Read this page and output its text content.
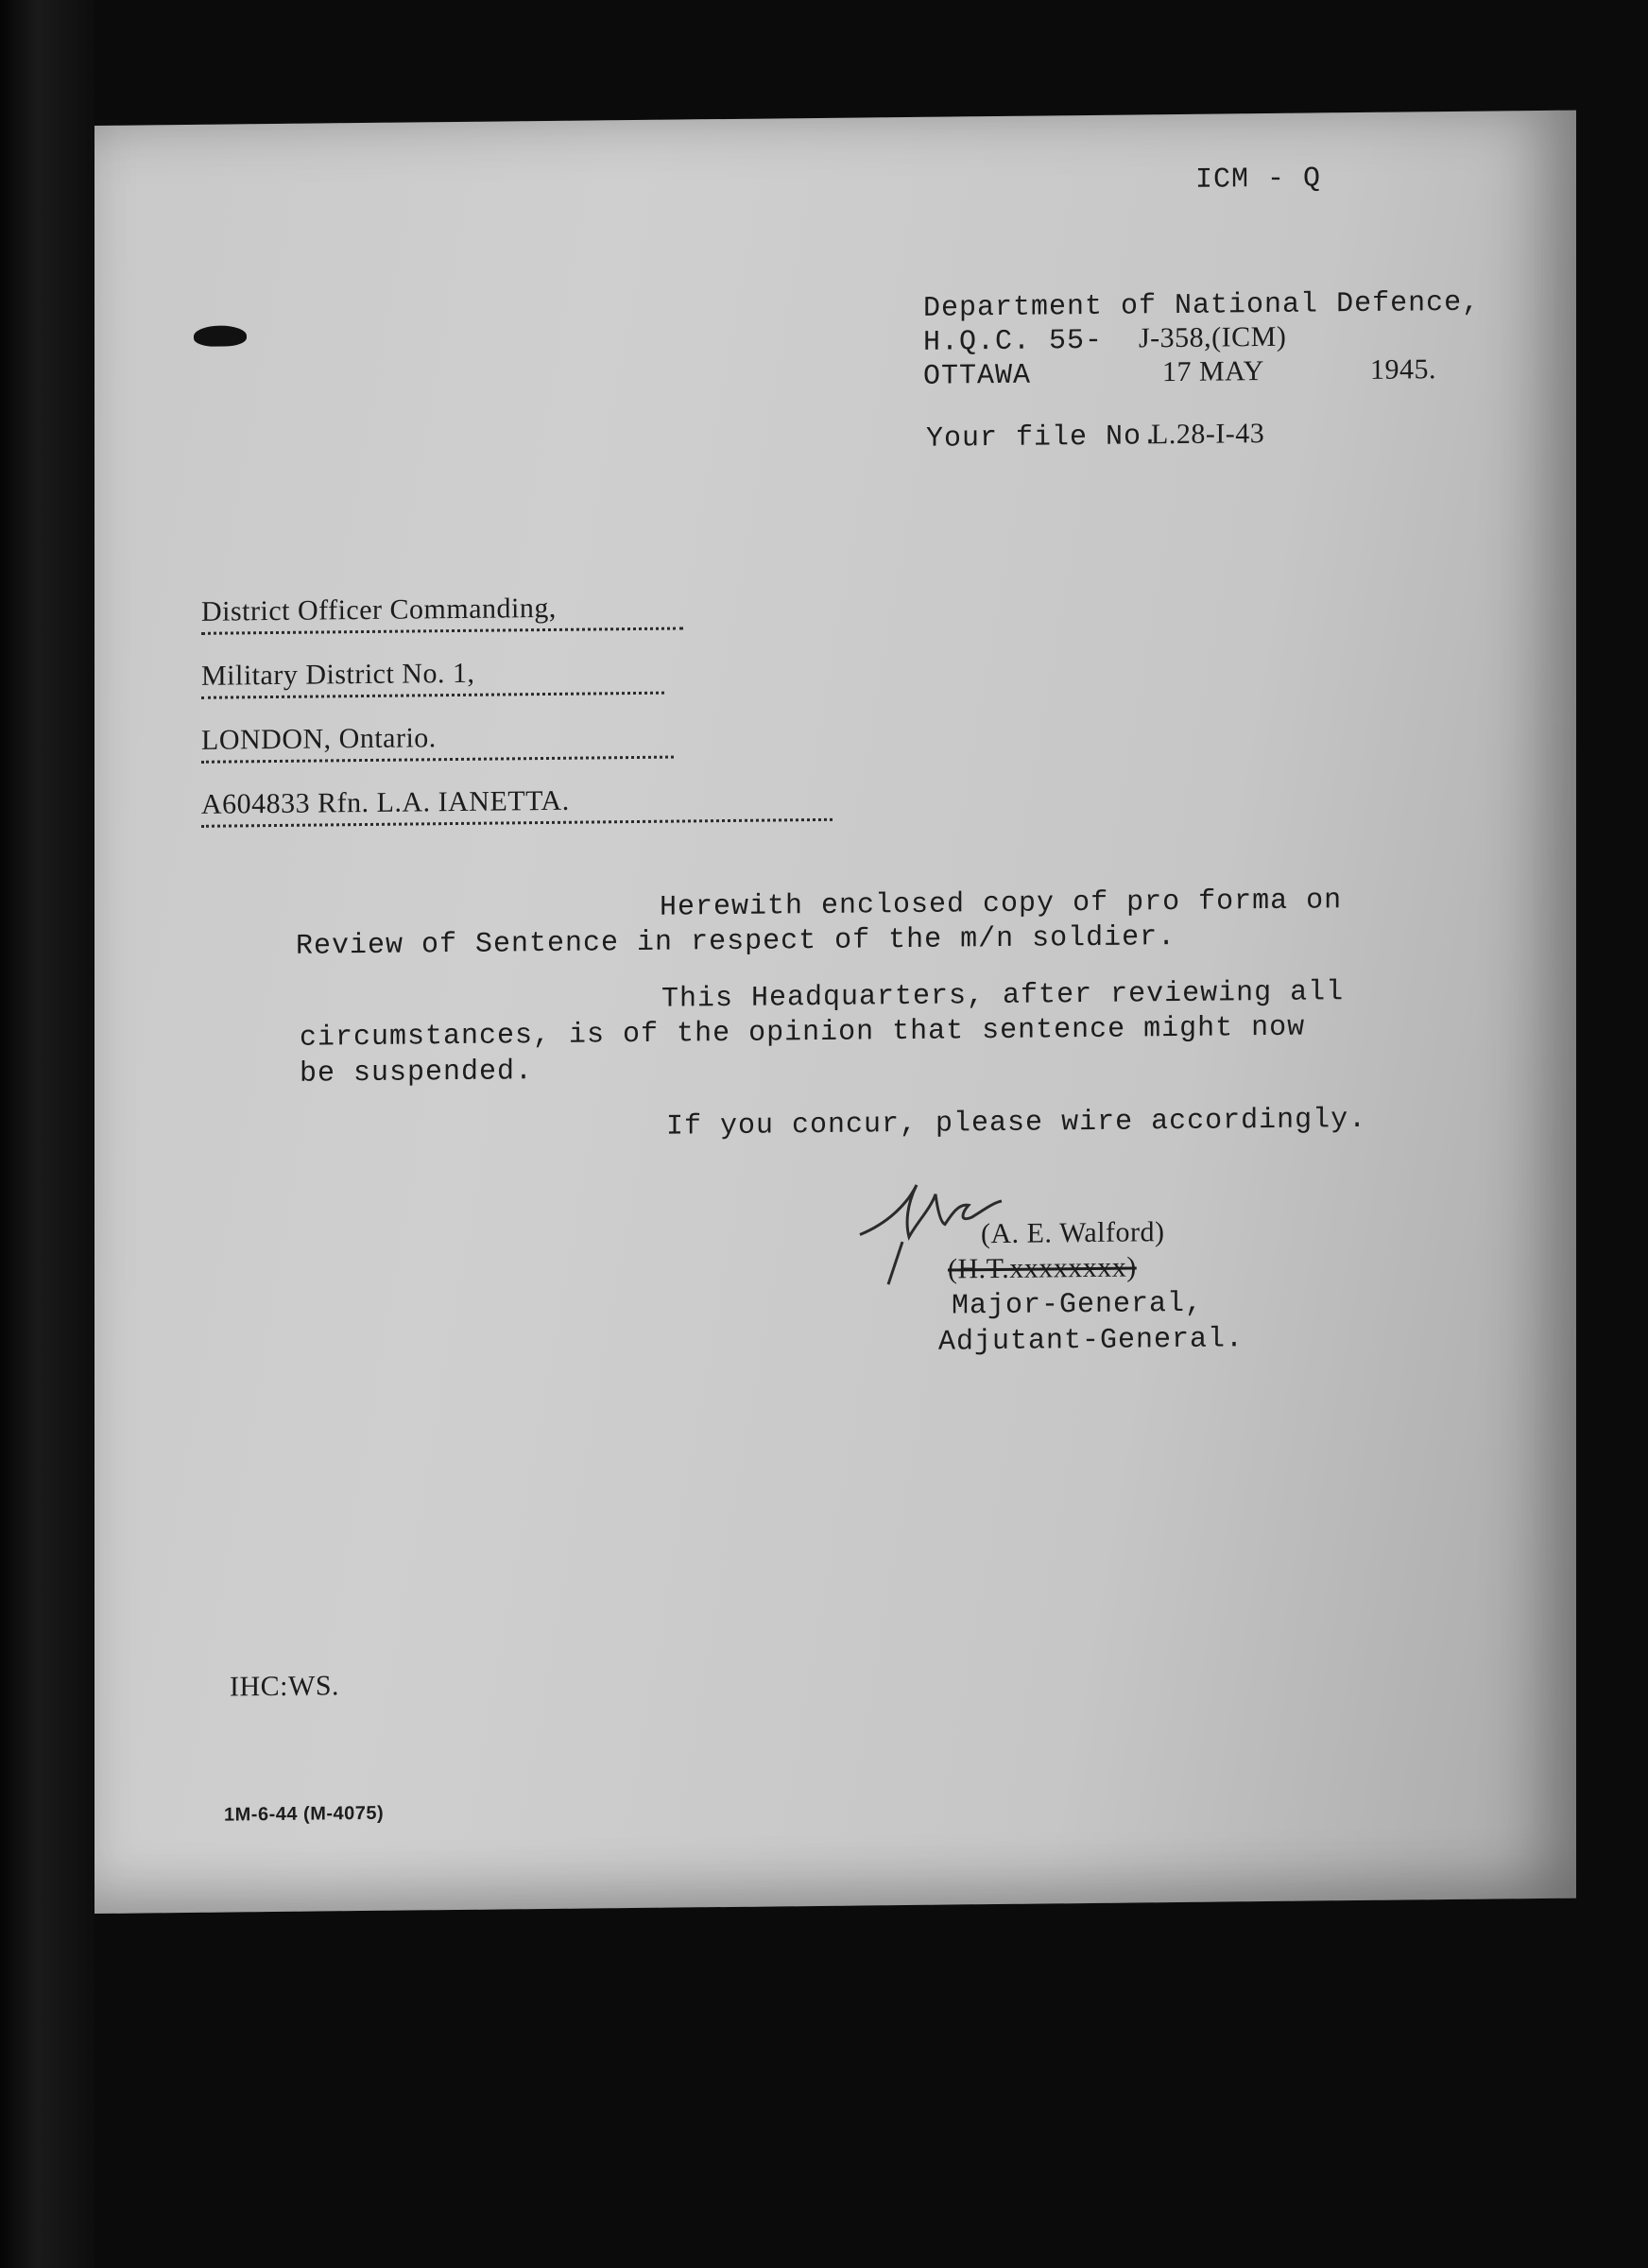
ICM - Q
Department of National Defence,
H.Q.C. 55- J-358,(ICM)
OTTAWA	17 MAY	1945.
Your file No.
L.28-I-43
District Officer Commanding,
Military District No. 1,
LONDON, Ontario.
A604833 Rfn. L.A. IANETTA.
Herewith enclosed copy of pro forma on
Review of Sentence in respect of the m/n soldier.
This Headquarters, after reviewing all
circumstances, is of the opinion that sentence might now
be suspended.
If you concur, please wire accordingly.
(A. E. Walford)
(H.T.xxxxxxxx)
Major-General,
Adjutant-General.
IHC:WS.
1M-6-44 (M-4075)
